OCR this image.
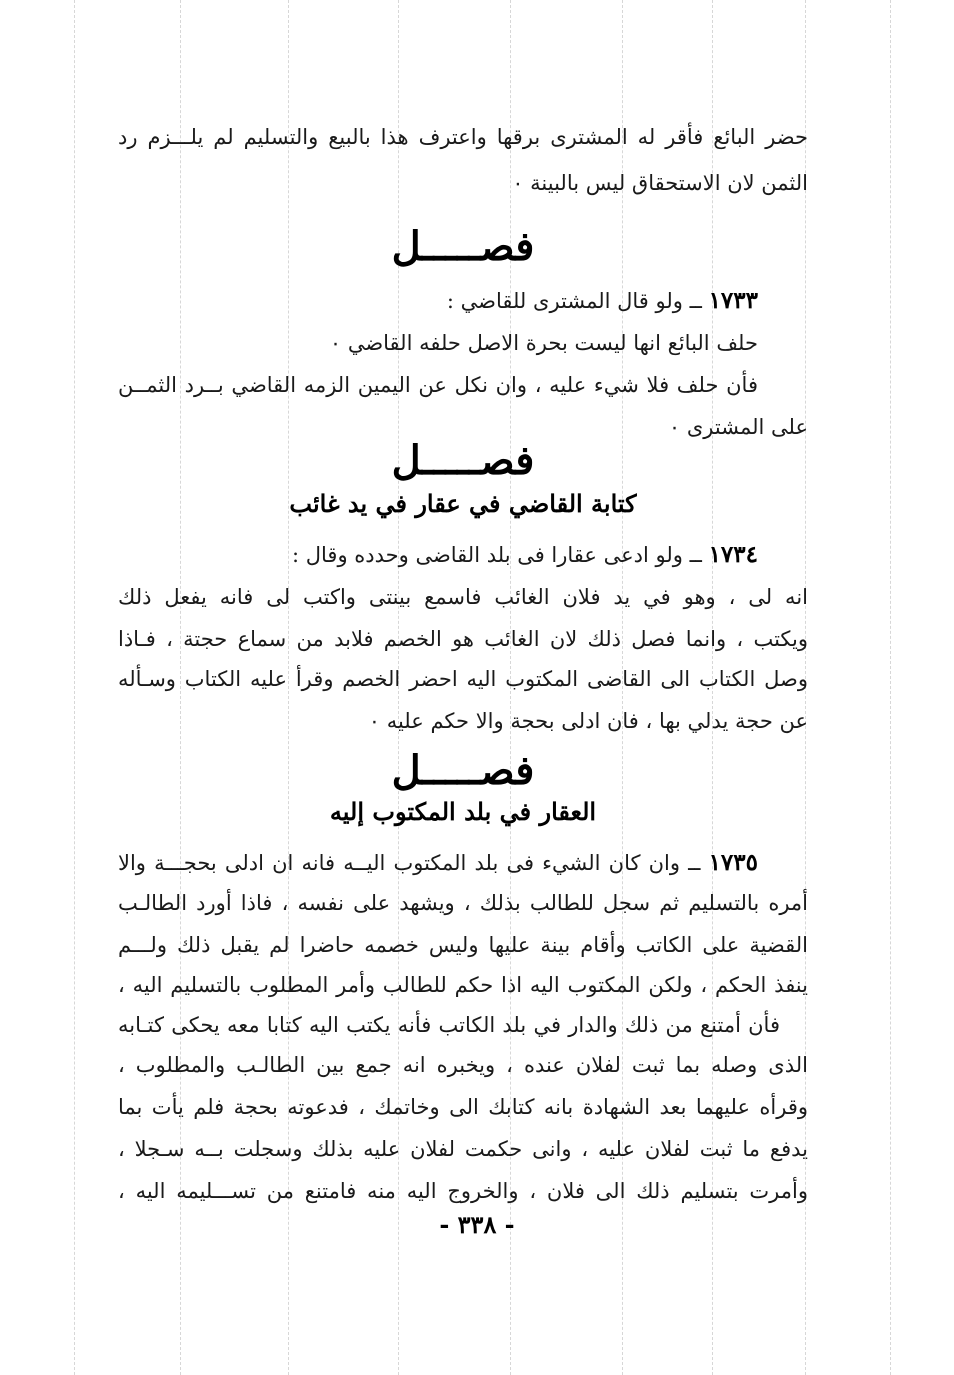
حضر البائع فأقر له المشترى برقها واعترف هذا بالبيع والتسليم لم يلـــزم رد
الثمن لان الاستحقاق ليس بالبينة ٠
فصـــــل
١٧٣٣ ــ ولو قال المشترى للقاضي :
حلف البائع انها ليست بحرة الاصل حلفه القاضي ٠
فأن حلف فلا شيء عليه ، وان نكل عن اليمين الزمه القاضي بــرد الثمــن
على المشترى ٠
فصـــــل
كتابة القاضي في عقار في يد غائب
١٧٣٤ ــ ولو ادعى عقارا فى بلد القاضى وحدده وقال :
انه لى ، وهو في يد فلان الغائب فاسمع بينتى واكتب لى فانه يفعل ذلك
ويكتب ، وانما فصل ذلك لان الغائب هو الخصم فلابد من سماع حجتة ، فـاذا
وصل الكتاب الى القاضى المكتوب اليه احضر الخصم وقرأ عليه الكتاب وسـأله
عن حجة يدلي بها ، فان ادلى بحجة والا حكم عليه ٠
فصـــــل
العقار في بلد المكتوب إليه
١٧٣٥ ــ وان كان الشيء فى بلد المكتوب اليــه فانه ان ادلى بحجـــة والا
أمره بالتسليم ثم سجل للطالب بذلك ، ويشهد على نفسه ، فاذا أورد الطالـب
القضية على الكاتب وأقام بينة عليها وليس خصمه حاضرا لم يقبل ذلك ولـــم
ينفذ الحكم ، ولكن المكتوب اليه اذا حكم للطالب وأمر المطلوب بالتسليم اليه ،
فأن أمتنع من ذلك والدار في بلد الكاتب فأنه يكتب اليه كتابا معه يحكى كتـابه
الذى وصله بما ثبت لفلان عنده ، ويخبره انه جمع بين الطالـب والمطلوب ،
وقرأه عليهما بعد الشهادة بانه كتابك الى وخاتمك ، فدعوته بحجة فلم يأت بما
يدفع ما ثبت لفلان عليه ، وانى حكمت لفلان عليه بذلك وسجلت بــه سـجلا ،
وأمرت بتسليم ذلك الى فلان ، والخروج اليه منه فامتنع من تســـليمه اليه ،
- ٣٣٨ -
